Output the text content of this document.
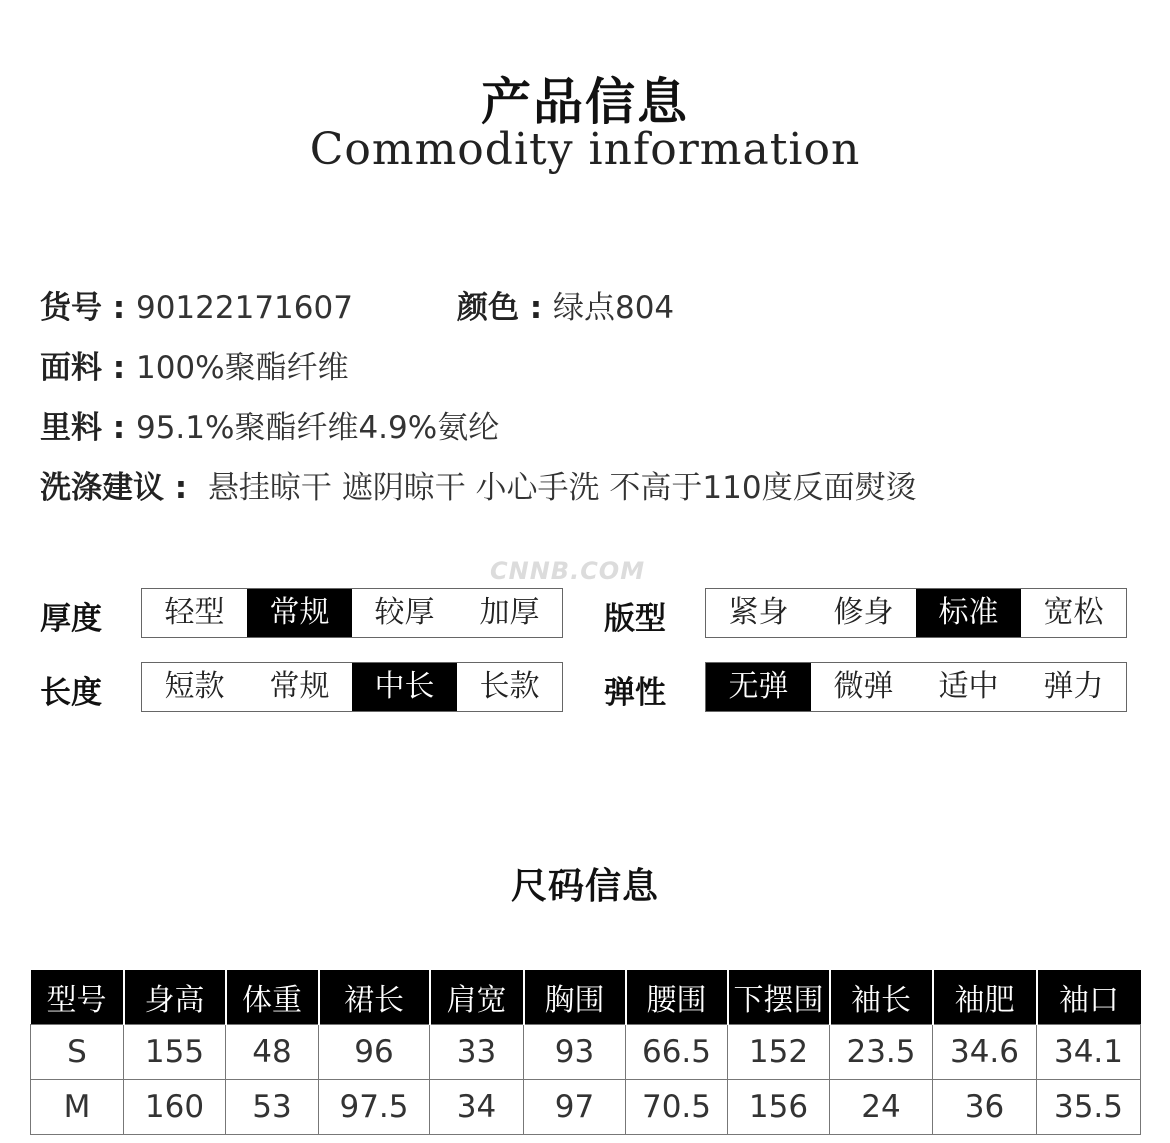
产品信息
Commodity information
货号 : 90122171607	颜色 : 绿点804
面料 : 100%聚酯纤维
里料 : 95.1%聚酯纤维4.9%氨纶
洗涤建议 :  悬挂晾干 遮阴晾干 小心手洗 不高于110度反面熨烫
CNNB.COM
厚度	轻型	常规	较厚	加厚	版型	紧身	修身	标准	宽松
长度	短款	常规	中长	长款	弹性	无弹	微弹	适中	弹力
尺码信息
型号	身高	体重	裙长	肩宽	胸围	腰围	下摆围	袖长	袖肥	袖口
S	155	48	96	33	93	66.5	152	23.5	34.6	34.1
M	160	53	97.5	34	97	70.5	156	24	36	35.5
